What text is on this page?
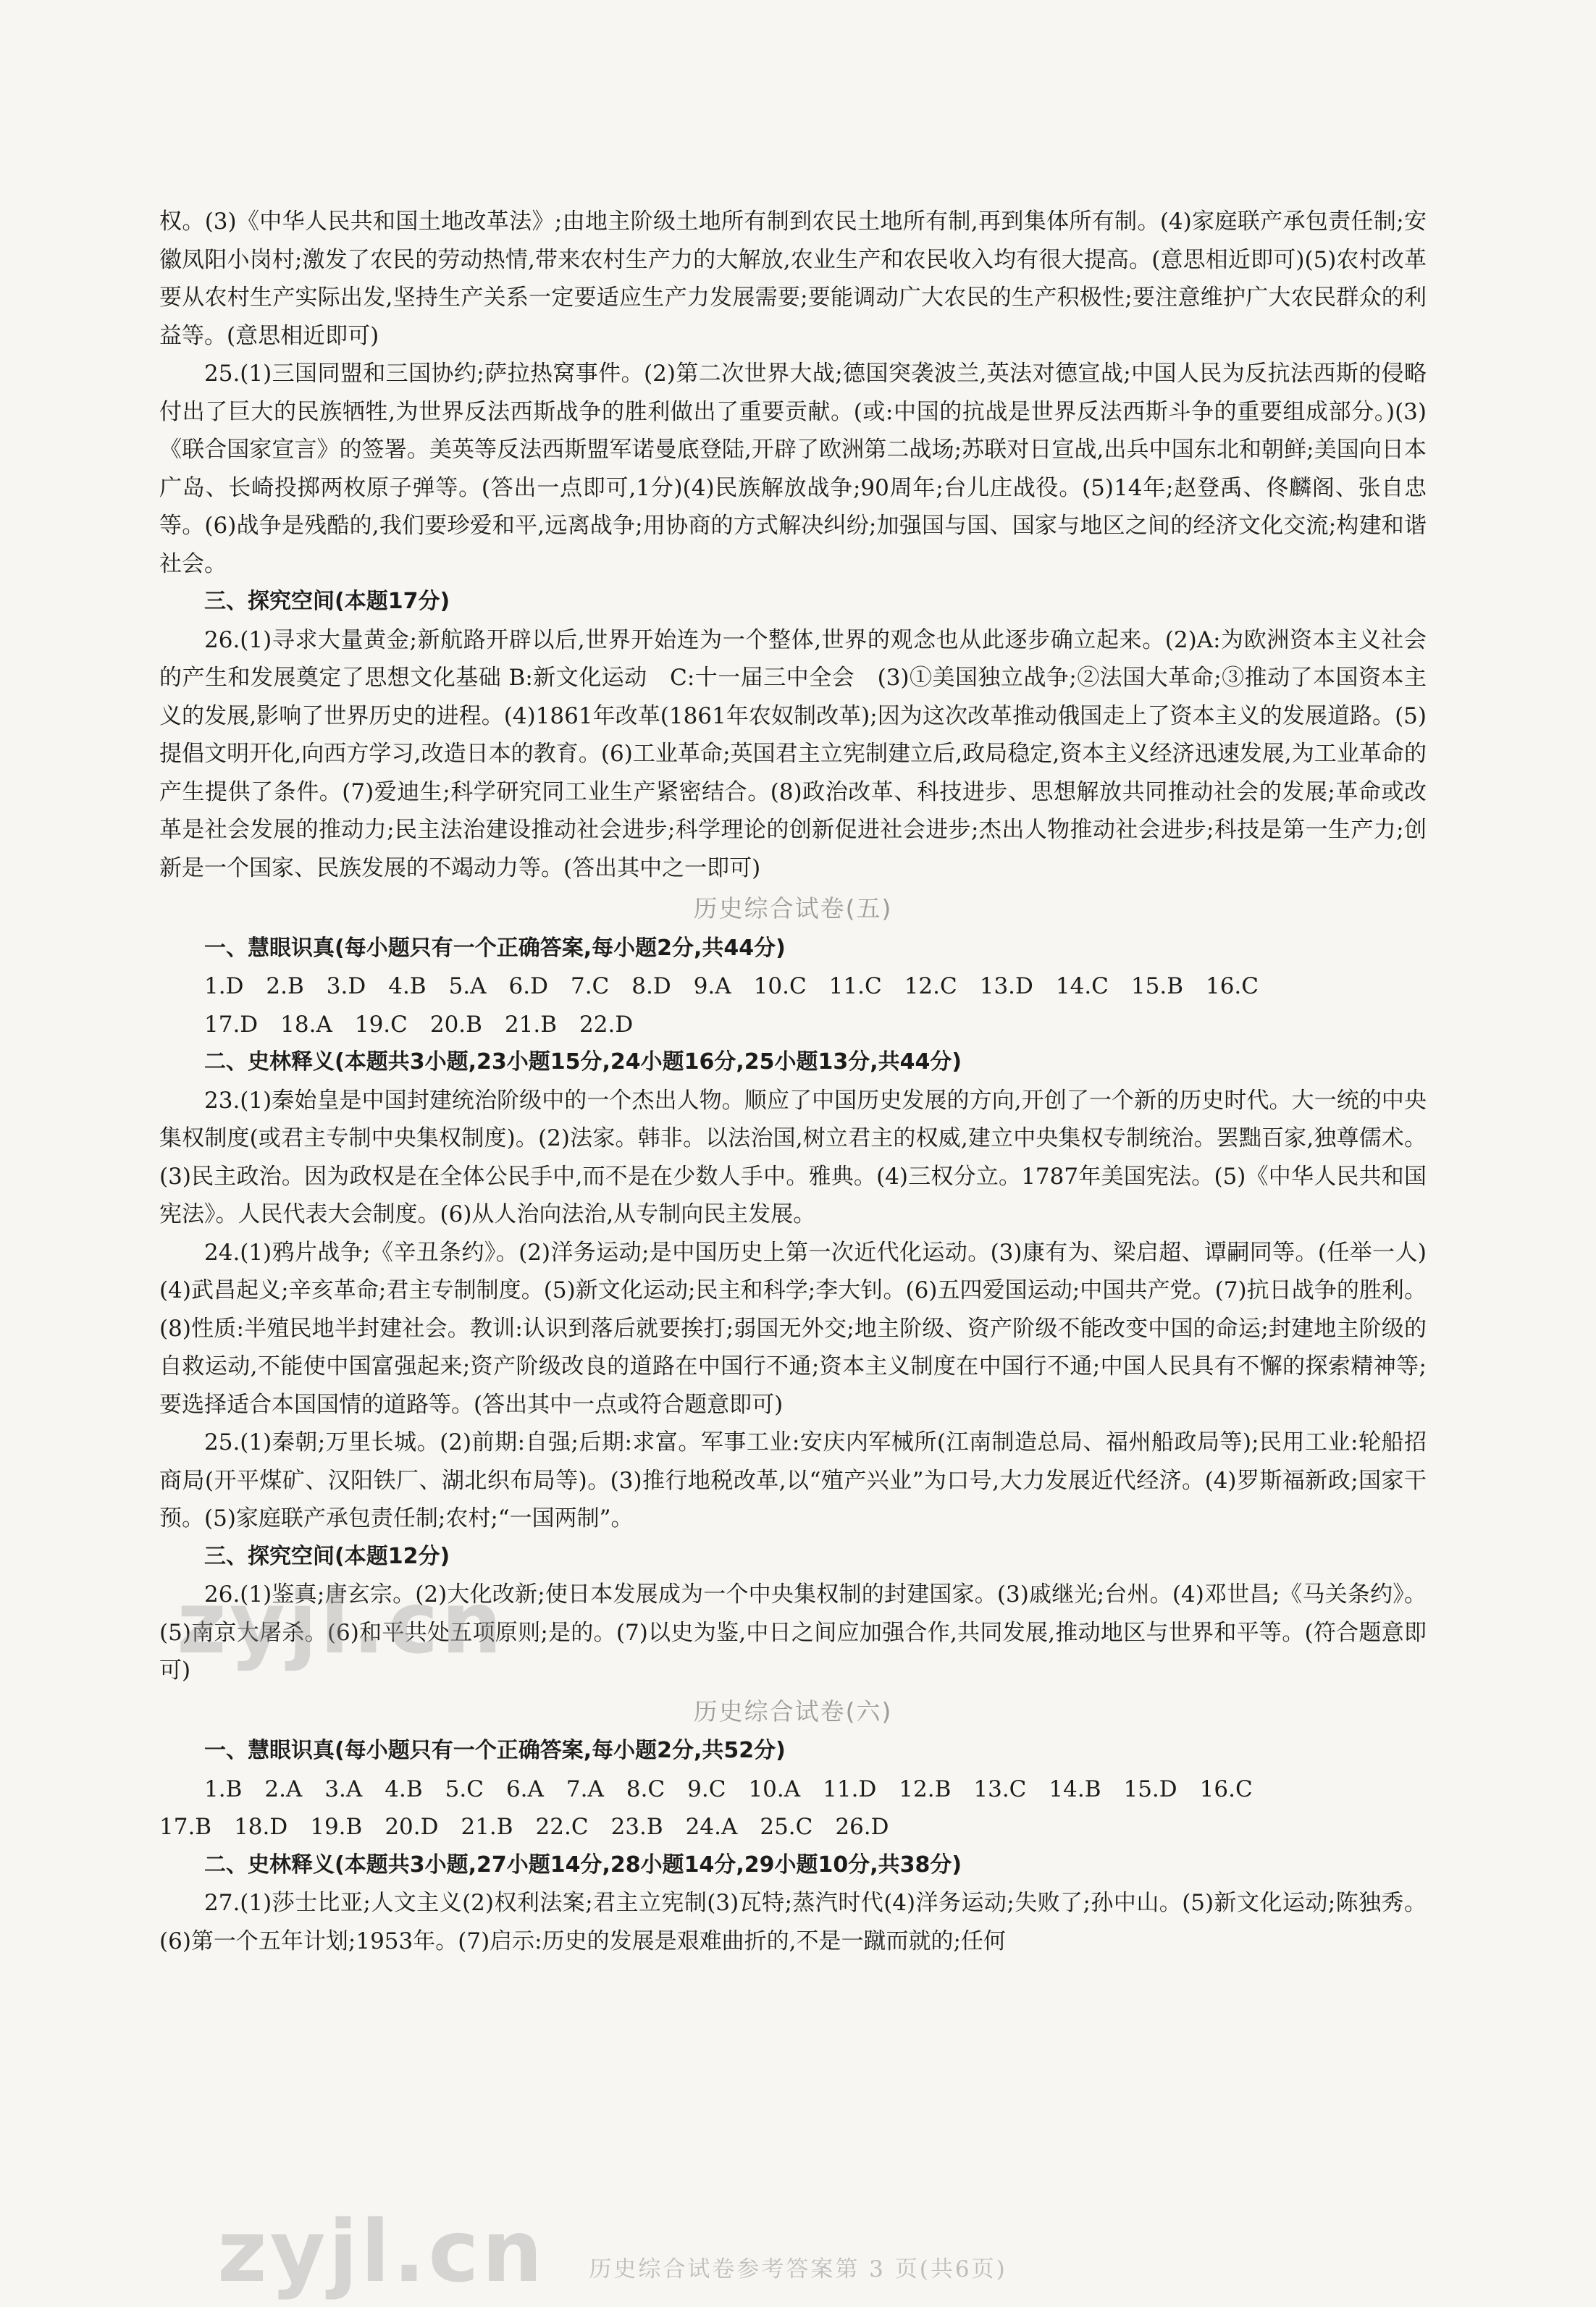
权。(3)《中华人民共和国土地改革法》;由地主阶级土地所有制到农民土地所有制,再到集体所有制。(4)家庭联产承包责任制;安徽凤阳小岗村;激发了农民的劳动热情,带来农村生产力的大解放,农业生产和农民收入均有很大提高。(意思相近即可)(5)农村改革要从农村生产实际出发,坚持生产关系一定要适应生产力发展需要;要能调动广大农民的生产积极性;要注意维护广大农民群众的利益等。(意思相近即可)

25.(1)三国同盟和三国协约;萨拉热窝事件。(2)第二次世界大战;德国突袭波兰,英法对德宣战;中国人民为反抗法西斯的侵略付出了巨大的民族牺牲,为世界反法西斯战争的胜利做出了重要贡献。(或:中国的抗战是世界反法西斯斗争的重要组成部分。)(3)《联合国家宣言》的签署。美英等反法西斯盟军诺曼底登陆,开辟了欧洲第二战场;苏联对日宣战,出兵中国东北和朝鲜;美国向日本广岛、长崎投掷两枚原子弹等。(答出一点即可,1分)(4)民族解放战争;90周年;台儿庄战役。(5)14年;赵登禹、佟麟阁、张自忠等。(6)战争是残酷的,我们要珍爱和平,远离战争;用协商的方式解决纠纷;加强国与国、国家与地区之间的经济文化交流;构建和谐社会。

三、探究空间(本题17分)

26.(1)寻求大量黄金;新航路开辟以后,世界开始连为一个整体,世界的观念也从此逐步确立起来。(2)A:为欧洲资本主义社会的产生和发展奠定了思想文化基础 B:新文化运动　C:十一届三中全会　(3)①美国独立战争;②法国大革命;③推动了本国资本主义的发展,影响了世界历史的进程。(4)1861年改革(1861年农奴制改革);因为这次改革推动俄国走上了资本主义的发展道路。(5)提倡文明开化,向西方学习,改造日本的教育。(6)工业革命;英国君主立宪制建立后,政局稳定,资本主义经济迅速发展,为工业革命的产生提供了条件。(7)爱迪生;科学研究同工业生产紧密结合。(8)政治改革、科技进步、思想解放共同推动社会的发展;革命或改革是社会发展的推动力;民主法治建设推动社会进步;科学理论的创新促进社会进步;杰出人物推动社会进步;科技是第一生产力;创新是一个国家、民族发展的不竭动力等。(答出其中之一即可)

历史综合试卷(五)

一、慧眼识真(每小题只有一个正确答案,每小题2分,共44分)

1.D　2.B　3.D　4.B　5.A　6.D　7.C　8.D　9.A　10.C　11.C　12.C　13.D　14.C　15.B　16.C

17.D　18.A　19.C　20.B　21.B　22.D

二、史林释义(本题共3小题,23小题15分,24小题16分,25小题13分,共44分)

23.(1)秦始皇是中国封建统治阶级中的一个杰出人物。顺应了中国历史发展的方向,开创了一个新的历史时代。大一统的中央集权制度(或君主专制中央集权制度)。(2)法家。韩非。以法治国,树立君主的权威,建立中央集权专制统治。罢黜百家,独尊儒术。(3)民主政治。因为政权是在全体公民手中,而不是在少数人手中。雅典。(4)三权分立。1787年美国宪法。(5)《中华人民共和国宪法》。人民代表大会制度。(6)从人治向法治,从专制向民主发展。

24.(1)鸦片战争;《辛丑条约》。(2)洋务运动;是中国历史上第一次近代化运动。(3)康有为、梁启超、谭嗣同等。(任举一人)(4)武昌起义;辛亥革命;君主专制制度。(5)新文化运动;民主和科学;李大钊。(6)五四爱国运动;中国共产党。(7)抗日战争的胜利。(8)性质:半殖民地半封建社会。教训:认识到落后就要挨打;弱国无外交;地主阶级、资产阶级不能改变中国的命运;封建地主阶级的自救运动,不能使中国富强起来;资产阶级改良的道路在中国行不通;资本主义制度在中国行不通;中国人民具有不懈的探索精神等;要选择适合本国国情的道路等。(答出其中一点或符合题意即可)

25.(1)秦朝;万里长城。(2)前期:自强;后期:求富。军事工业:安庆内军械所(江南制造总局、福州船政局等);民用工业:轮船招商局(开平煤矿、汉阳铁厂、湖北织布局等)。(3)推行地税改革,以“殖产兴业”为口号,大力发展近代经济。(4)罗斯福新政;国家干预。(5)家庭联产承包责任制;农村;“一国两制”。

三、探究空间(本题12分)

26.(1)鉴真;唐玄宗。(2)大化改新;使日本发展成为一个中央集权制的封建国家。(3)戚继光;台州。(4)邓世昌;《马关条约》。(5)南京大屠杀。(6)和平共处五项原则;是的。(7)以史为鉴,中日之间应加强合作,共同发展,推动地区与世界和平等。(符合题意即可)

历史综合试卷(六)

一、慧眼识真(每小题只有一个正确答案,每小题2分,共52分)

1.B　2.A　3.A　4.B　5.C　6.A　7.A　8.C　9.C　10.A　11.D　12.B　13.C　14.B　15.D　16.C

17.B　18.D　19.B　20.D　21.B　22.C　23.B　24.A　25.C　26.D

二、史林释义(本题共3小题,27小题14分,28小题14分,29小题10分,共38分)

27.(1)莎士比亚;人文主义(2)权利法案;君主立宪制(3)瓦特;蒸汽时代(4)洋务运动;失败了;孙中山。(5)新文化运动;陈独秀。(6)第一个五年计划;1953年。(7)启示:历史的发展是艰难曲折的,不是一蹴而就的;任何

zyjl.cn
zyjl.cn	历史综合试卷参考答案第 3 页(共6页)
